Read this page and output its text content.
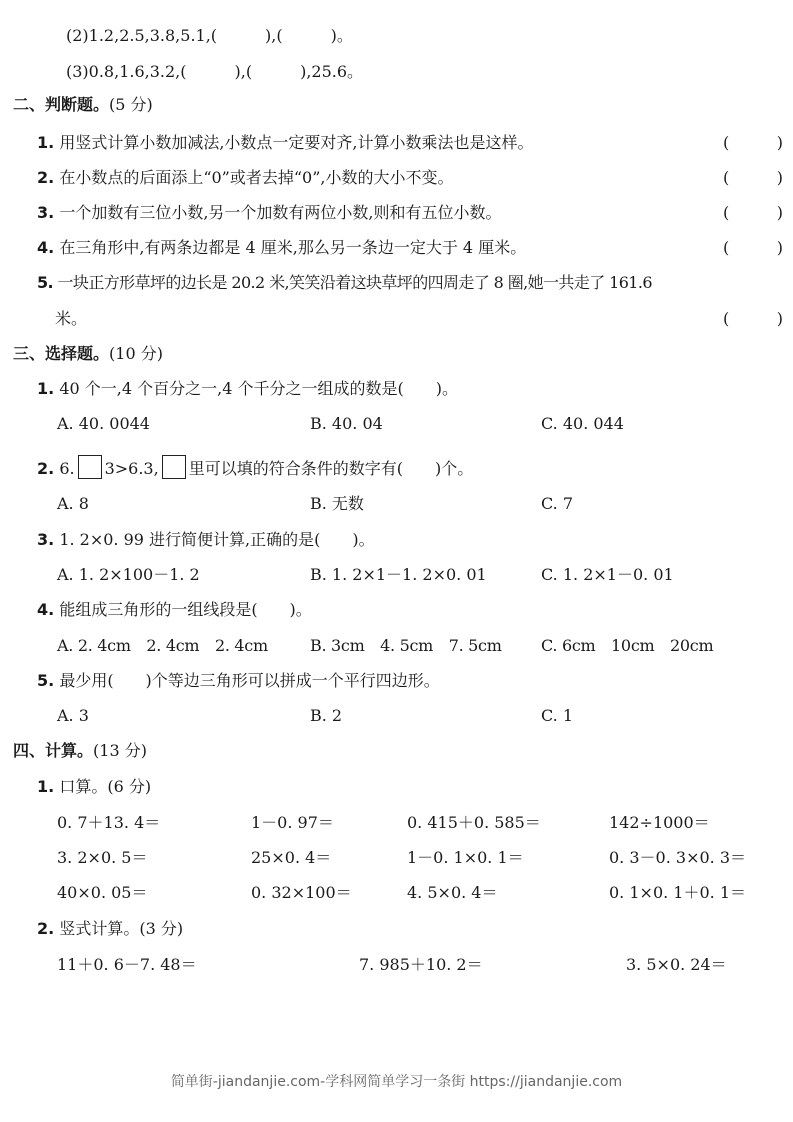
(2)1.2,2.5,3.8,5.1,(　　　),(　　　)。
(3)0.8,1.6,3.2,(　　　),(　　　),25.6。
二、判断题。(5 分)
1. 用竖式计算小数加减法,小数点一定要对齐,计算小数乘法也是这样。	(	)
2. 在小数点的后面添上“0”或者去掉“0”,小数的大小不变。	(	)
3. 一个加数有三位小数,另一个加数有两位小数,则和有五位小数。	(	)
4. 在三角形中,有两条边都是 4 厘米,那么另一条边一定大于 4 厘米。	(	)
5. 一块正方形草坪的边长是 20.2 米,笑笑沿着这块草坪的四周走了 8 圈,她一共走了 161.6
米。	(	)
三、选择题。(10 分)
1. 40 个一,4 个百分之一,4 个千分之一组成的数是(　　)。
A. 40. 0044	B. 40. 04	C. 40. 044
2. 6. 3>6.3, 里可以填的符合条件的数字有(　　)个。
A. 8	B. 无数	C. 7
3. 1. 2×0. 99 进行简便计算,正确的是(　　)。
A. 1. 2×100－1. 2	B. 1. 2×1－1. 2×0. 01	C. 1. 2×1－0. 01
4. 能组成三角形的一组线段是(　　)。
A. 2. 4cm　2. 4cm　2. 4cm	B. 3cm　4. 5cm　7. 5cm C. 6cm　10cm　20cm
5. 最少用(　　)个等边三角形可以拼成一个平行四边形。
A. 3	B. 2	C. 1
四、计算。(13 分)
1. 口算。(6 分)
0. 7＋13. 4＝	1－0. 97＝	0. 415＋0. 585＝	142÷1000＝
3. 2×0. 5＝	25×0. 4＝	1－0. 1×0. 1＝	0. 3－0. 3×0. 3＝
40×0. 05＝	0. 32×100＝	4. 5×0. 4＝	0. 1×0. 1＋0. 1＝
2. 竖式计算。(3 分)
11＋0. 6－7. 48＝	7. 985＋10. 2＝	3. 5×0. 24＝
简单街-jiandanjie.com-学科网简单学习一条街 https://jiandanjie.com
